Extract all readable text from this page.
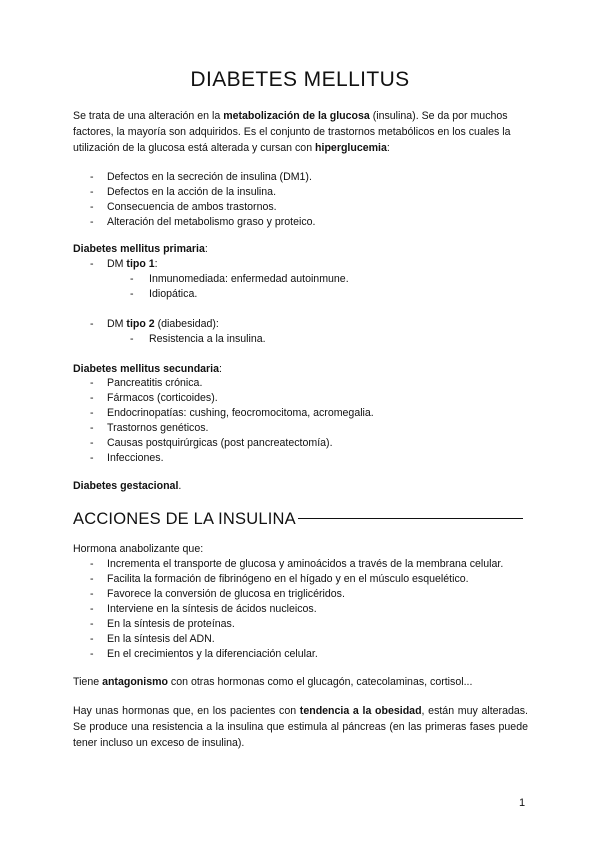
DIABETES MELLITUS

Se trata de una alteración en la metabolización de la glucosa (insulina). Se da por muchos factores, la mayoría son adquiridos. Es el conjunto de trastornos metabólicos en los cuales la utilización de la glucosa está alterada y cursan con hiperglucemia:

- Defectos en la secreción de insulina (DM1).
- Defectos en la acción de la insulina.
- Consecuencia de ambos trastornos.
- Alteración del metabolismo graso y proteico.

Diabetes mellitus primaria:

- DM tipo 1:
- Inmunomediada: enfermedad autoinmune.
- Idiopática.
- DM tipo 2 (diabesidad):
- Resistencia a la insulina.

Diabetes mellitus secundaria:

- Pancreatitis crónica.
- Fármacos (corticoides).
- Endocrinopatías: cushing, feocromocitoma, acromegalia.
- Trastornos genéticos.
- Causas postquirúrgicas (post pancreatectomía).
- Infecciones.

Diabetes gestacional.

ACCIONES DE LA INSULINA

Hormona anabolizante que:

- Incrementa el transporte de glucosa y aminoácidos a través de la membrana celular.
- Facilita la formación de fibrinógeno en el hígado y en el músculo esquelético.
- Favorece la conversión de glucosa en triglicéridos.
- Interviene en la síntesis de ácidos nucleicos.
- En la síntesis de proteínas.
- En la síntesis del ADN.
- En el crecimientos y la diferenciación celular.

Tiene antagonismo con otras hormonas como el glucagón, catecolaminas, cortisol...

Hay unas hormonas que, en los pacientes con tendencia a la obesidad, están muy alteradas. Se produce una resistencia a la insulina que estimula al páncreas (en las primeras fases puede tener incluso un exceso de insulina).

1
